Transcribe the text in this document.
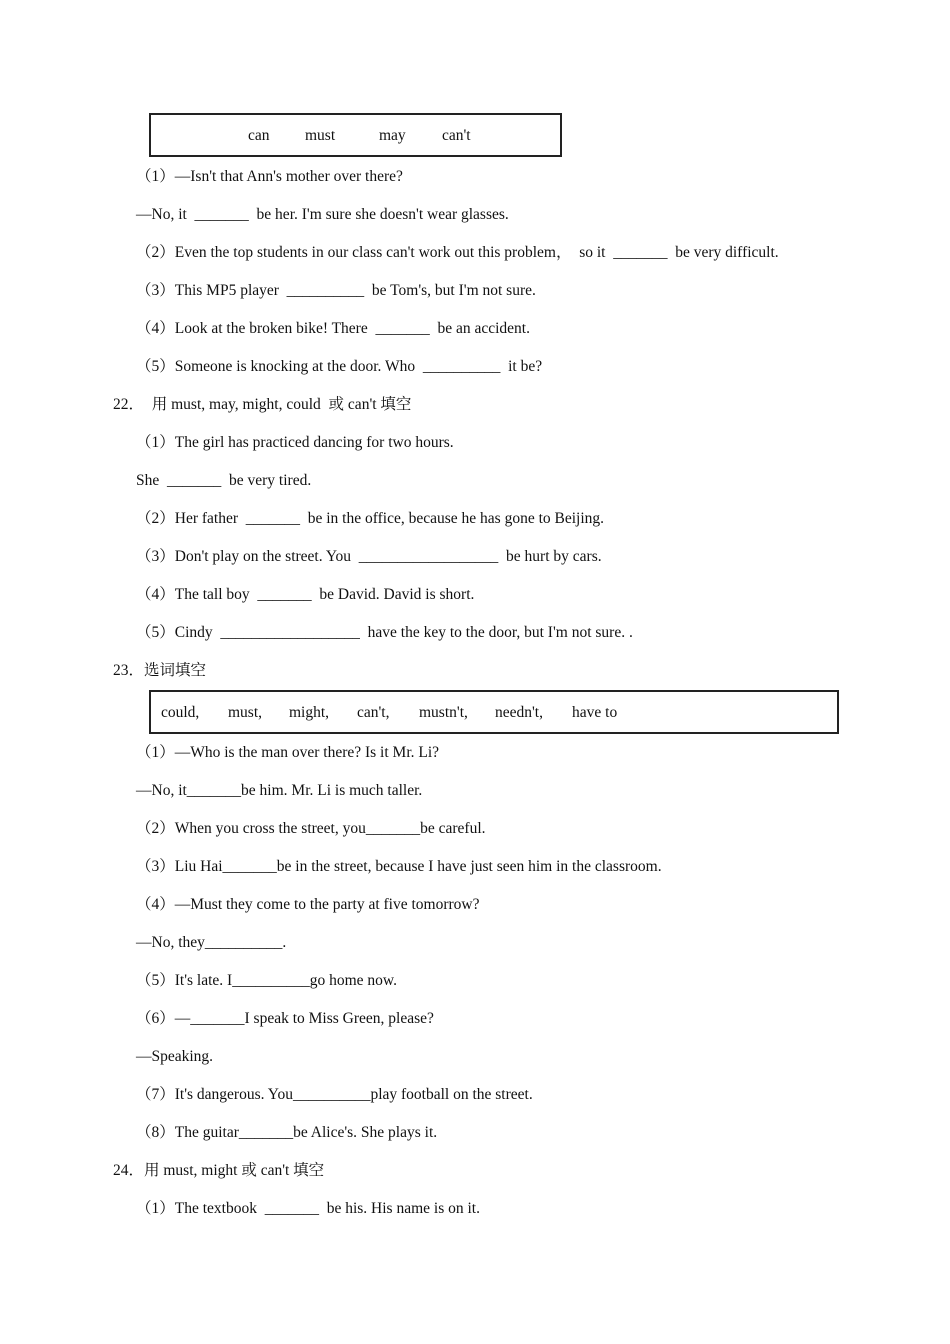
can must	may can't
（1）—Isn't that Ann's mother over there?
—No, it  _______  be her. I'm sure she doesn't wear glasses.
（2）Even the top students in our class can't work out this problem，  so it  _______  be very difficult.
（3）This MP5 player  __________  be Tom's, but I'm not sure.
（4）Look at the broken bike! There  _______  be an accident.
（5）Someone is knocking at the door. Who  __________  it be?
22．  用 must, may, might, could  或 can't 填空
（1）The girl has practiced dancing for two hours.
She  _______  be very tired.
（2）Her father  _______  be in the office, because he has gone to Beijing.
（3）Don't play on the street. You  __________________  be hurt by cars.
（4）The tall boy  _______  be David. David is short.
（5）Cindy  __________________  have the key to the door, but I'm not sure. .
23．选词填空
could, must, might, can't, mustn't, needn't, have to
（1）—Who is the man over there? Is it Mr. Li?
—No, it_______be him. Mr. Li is much taller.
（2）When you cross the street, you_______be careful.
（3）Liu Hai_______be in the street, because I have just seen him in the classroom.
（4）—Must they come to the party at five tomorrow?
—No, they__________.
（5）It's late. I__________go home now.
（6）—_______I speak to Miss Green, please?
—Speaking.
（7）It's dangerous. You__________play football on the street.
（8）The guitar_______be Alice's. She plays it.
24．用 must, might 或 can't 填空
（1）The textbook  _______  be his. His name is on it.
